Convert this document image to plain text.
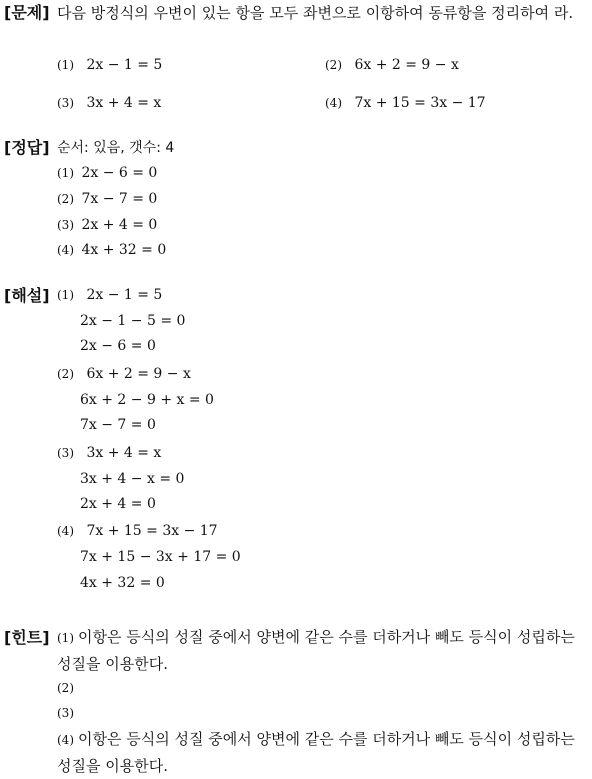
[문제] 다음 방정식의 우변이 있는 항을 모두 좌변으로 이항하여 동류항을 정리하여 라.
(1) 2x − 1 = 5	(2) 6x + 2 = 9 − x
(3) 3x + 4 = x	(4) 7x + 15 = 3x − 17
[정답] 순서: 있음, 갯수: 4
(1) 2x − 6 = 0
(2) 7x − 7 = 0
(3) 2x + 4 = 0
(4) 4x + 32 = 0
[해설] (1) 2x − 1 = 5
2x − 1 − 5 = 0
2x − 6 = 0
(2) 6x + 2 = 9 − x
6x + 2 − 9 + x = 0
7x − 7 = 0
(3) 3x + 4 = x
3x + 4 − x = 0
2x + 4 = 0
(4) 7x + 15 = 3x − 17
7x + 15 − 3x + 17 = 0
4x + 32 = 0
[힌트] (1) 이항은 등식의 성질 중에서 양변에 같은 수를 더하거나 빼도 등식이 성립하는 성질을 이용한다.
(2)
(3)
(4) 이항은 등식의 성질 중에서 양변에 같은 수를 더하거나 빼도 등식이 성립하는 성질을 이용한다.
